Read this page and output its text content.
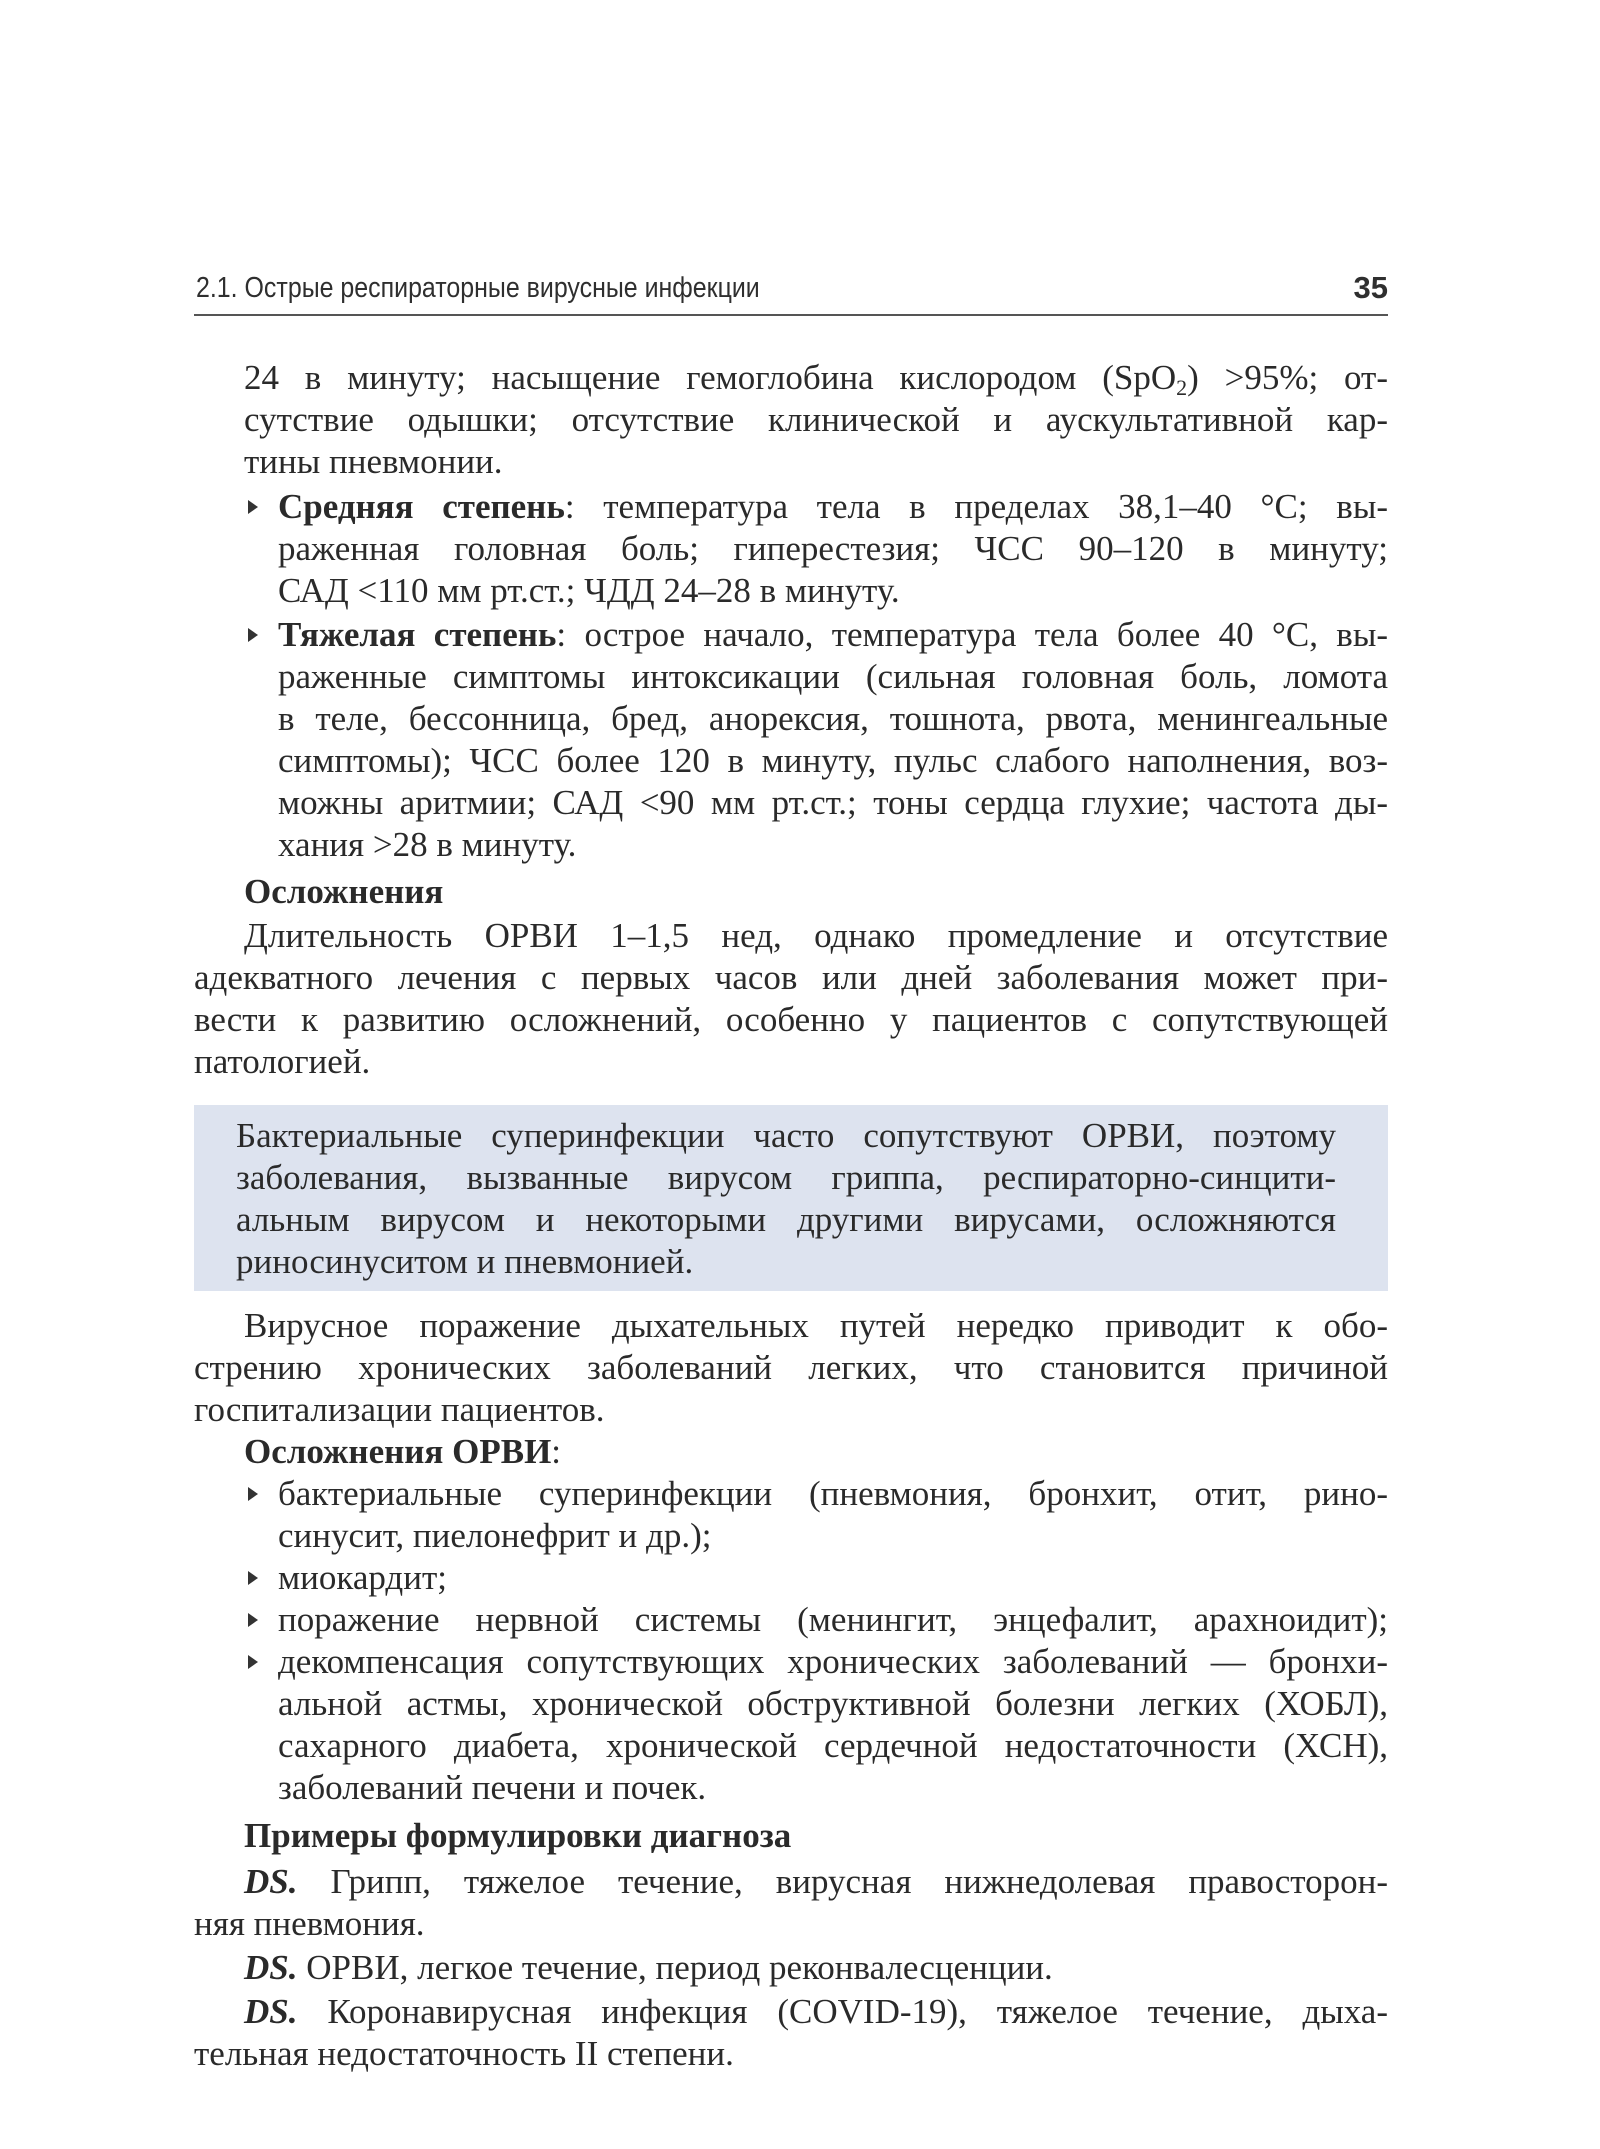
2.1. Острые респираторные вирусные инфекции	35
24 в минуту; насыщение гемоглобина кислородом (SpO$_2$) >95%; от-
сутствие одышки; отсутствие клинической и аускультативной кар-
тины пневмонии.
Средняя степень: температура тела в пределах 38,1–40 °С; вы-
раженная головная боль; гиперестезия; ЧСС 90–120 в минуту;
САД <110 мм рт.ст.; ЧДД 24–28 в минуту.
Тяжелая степень: острое начало, температура тела более 40 °С, вы-
раженные симптомы интоксикации (сильная головная боль, ломота
в теле, бессонница, бред, анорексия, тошнота, рвота, менингеальные
симптомы); ЧСС более 120 в минуту, пульс слабого наполнения, воз-
можны аритмии; САД <90 мм рт.ст.; тоны сердца глухие; частота ды-
хания >28 в минуту.
Осложнения
Длительность ОРВИ 1–1,5 нед, однако промедление и отсутствие
адекватного лечения с первых часов или дней заболевания может при-
вести к развитию осложнений, особенно у пациентов с сопутствующей
патологией.
Бактериальные суперинфекции часто сопутствуют ОРВИ, поэтому
заболевания, вызванные вирусом гриппа, респираторно-синцити-
альным вирусом и некоторыми другими вирусами, осложняются
риносинуситом и пневмонией.
Вирусное поражение дыхательных путей нередко приводит к обо-
стрению хронических заболеваний легких, что становится причиной
госпитализации пациентов.
Осложнения ОРВИ:
бактериальные суперинфекции (пневмония, бронхит, отит, рино-
синусит, пиелонефрит и др.);
миокардит;
поражение нервной системы (менингит, энцефалит, арахноидит);
декомпенсация сопутствующих хронических заболеваний — бронхи-
альной астмы, хронической обструктивной болезни легких (ХОБЛ),
сахарного диабета, хронической сердечной недостаточности (ХСН),
заболеваний печени и почек.
Примеры формулировки диагноза
DS. Грипп, тяжелое течение, вирусная нижнедолевая правосторон-
няя пневмония.
DS. ОРВИ, легкое течение, период реконвалесценции.
DS. Коронавирусная инфекция (COVID-19), тяжелое течение, дыха-
тельная недостаточность II степени.
